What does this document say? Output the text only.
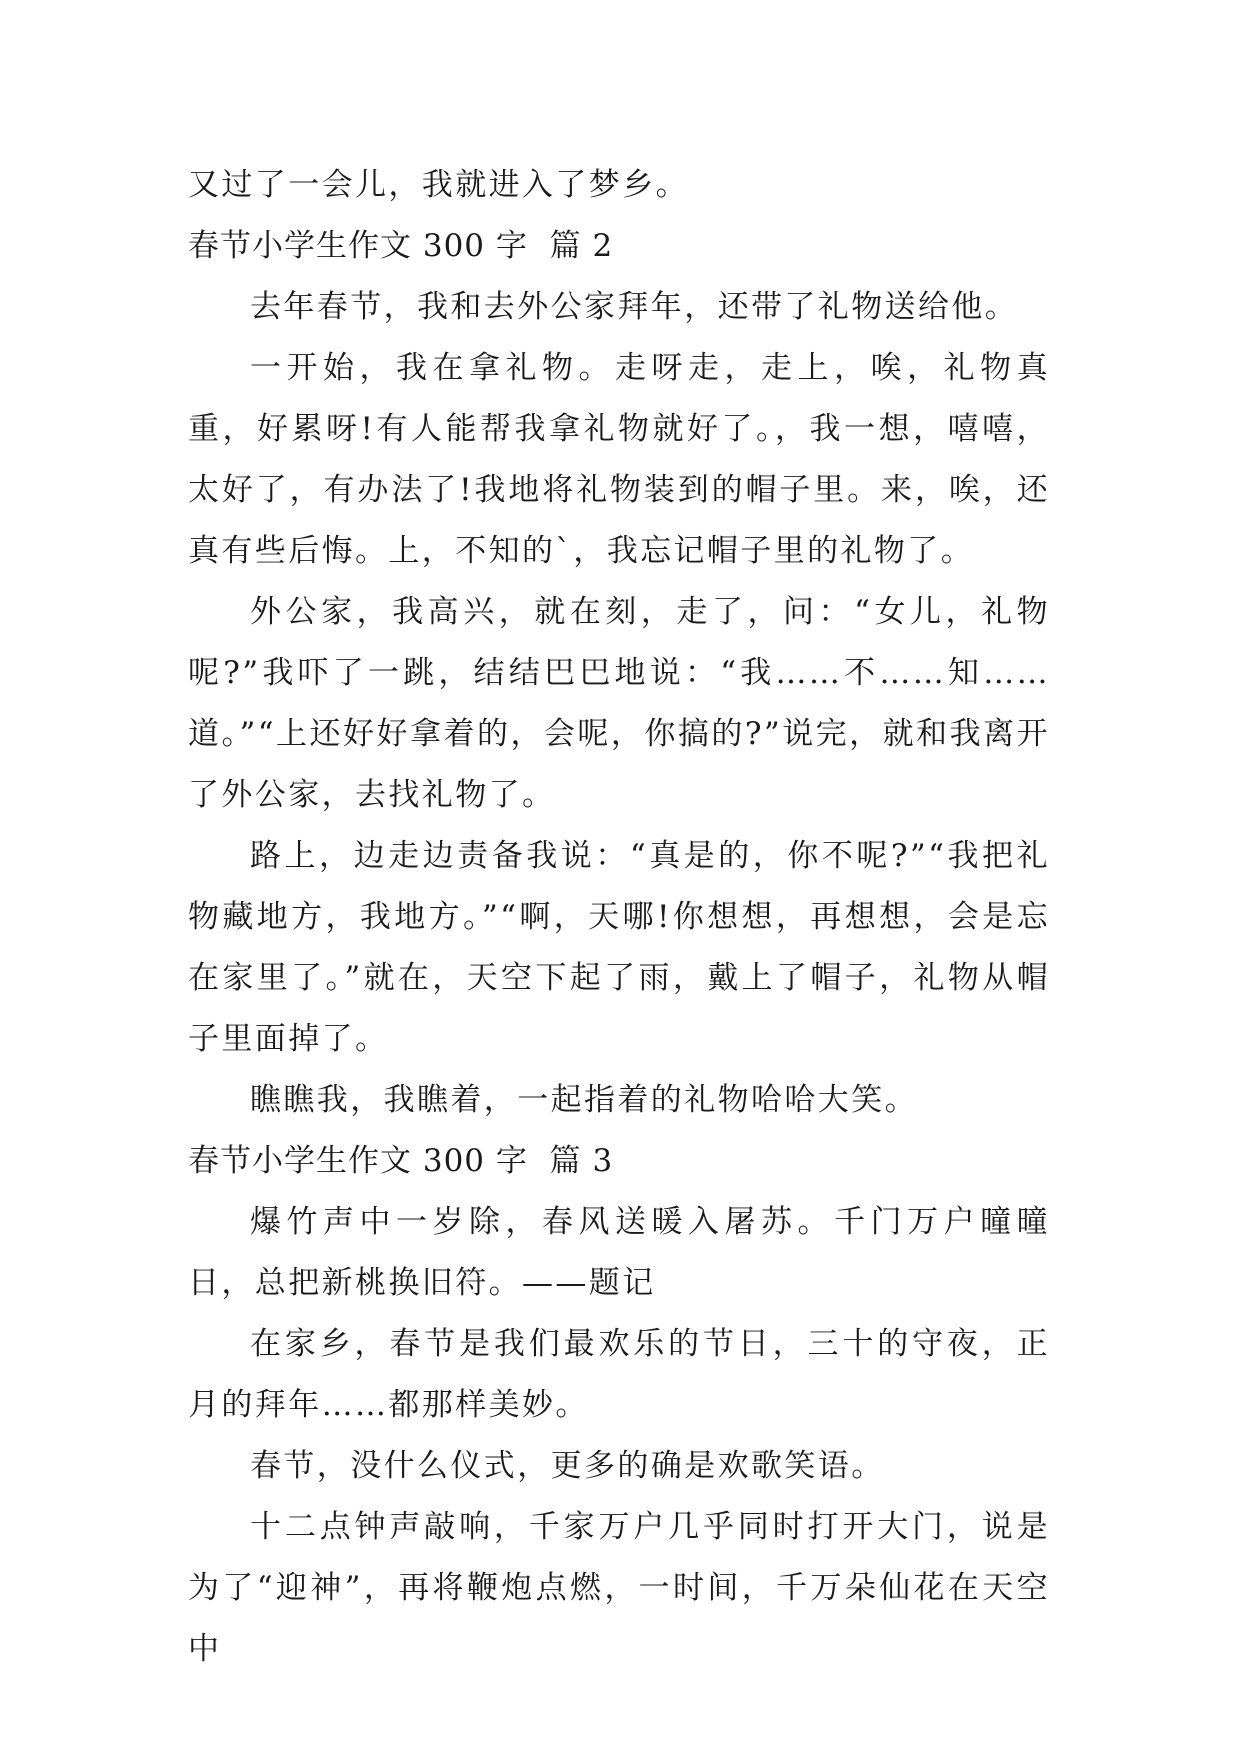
又过了一会儿，我就进入了梦乡。

春节小学生作文 300 字  篇 2

去年春节，我和去外公家拜年，还带了礼物送给他。

一开始，我在拿礼物。走呀走，走上，唉，礼物真重，好累呀!有人能帮我拿礼物就好了。，我一想，嘻嘻，太好了，有办法了!我地将礼物装到的帽子里。来，唉，还真有些后悔。上，不知的`，我忘记帽子里的礼物了。

外公家，我高兴，就在刻，走了，问：“女儿，礼物呢?”我吓了一跳，结结巴巴地说：“我……不……知……道。”“上还好好拿着的，会呢，你搞的?”说完，就和我离开了外公家，去找礼物了。

路上，边走边责备我说：“真是的，你不呢?”“我把礼物藏地方，我地方。”“啊，天哪!你想想，再想想，会是忘在家里了。”就在，天空下起了雨，戴上了帽子，礼物从帽子里面掉了。

瞧瞧我，我瞧着，一起指着的礼物哈哈大笑。

春节小学生作文 300 字  篇 3

爆竹声中一岁除，春风送暖入屠苏。千门万户曈曈日，总把新桃换旧符。——题记

在家乡，春节是我们最欢乐的节日，三十的守夜，正月的拜年……都那样美妙。

春节，没什么仪式，更多的确是欢歌笑语。

十二点钟声敲响，千家万户几乎同时打开大门，说是为了“迎神”，再将鞭炮点燃，一时间，千万朵仙花在天空中
